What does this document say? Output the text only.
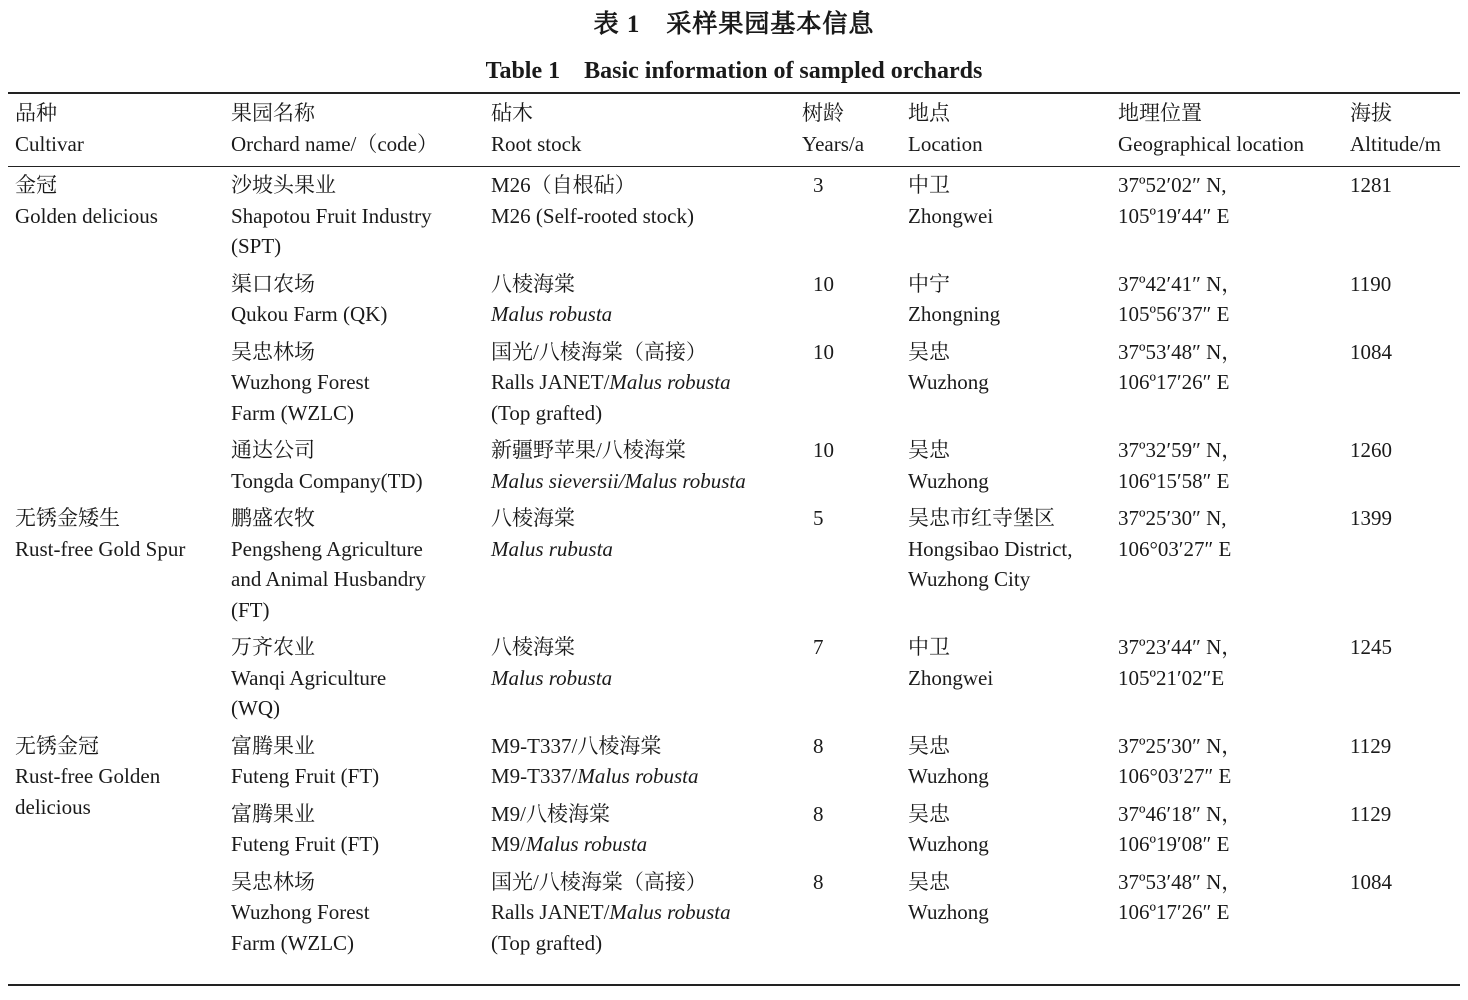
表 1　采样果园基本信息
Table 1　Basic information of sampled orchards
品种
Cultivar	果园名称
Orchard name/（code）	砧木
Root stock	树龄
Years/a	地点
Location	地理位置
Geographical location	海拔
Altitude/m

金冠
Golden delicious	沙坡头果业
Shapotou Fruit Industry
(SPT)	M26（自根砧）
M26 (Self-rooted stock)	3	中卫
Zhongwei	37º52′02″ N,
105º19′44″ E	1281

	渠口农场
Qukou Farm (QK)	八棱海棠
Malus robusta	10	中宁
Zhongning	37º42′41″ N，
105º56′37″ E	1190

	吴忠林场
Wuzhong Forest
Farm (WZLC)	国光/八棱海棠（高接）
Ralls JANET/Malus robusta
(Top grafted)	10	吴忠
Wuzhong	37º53′48″ N，
106º17′26″ E	1084

	通达公司
Tongda Company(TD)	新疆野苹果/八棱海棠
Malus sieversii/Malus robusta	10	吴忠
Wuzhong	37º32′59″ N，
106º15′58″ E	1260

无锈金矮生
Rust-free Gold Spur	鹏盛农牧
Pengsheng Agriculture
and Animal Husbandry
(FT)	八棱海棠
Malus rubusta	5	吴忠市红寺堡区
Hongsibao District,
Wuzhong City	37º25′30″ N,
106°03′27″ E	1399

	万齐农业
Wanqi Agriculture
(WQ)	八棱海棠
Malus robusta	7	中卫
Zhongwei	37º23′44″ N，
105º21′02″E	1245

无锈金冠
Rust-free Golden
delicious	富腾果业
Futeng Fruit (FT)	M9-T337/八棱海棠
M9-T337/Malus robusta	8	吴忠
Wuzhong	37º25′30″ N，
106°03′27″ E	1129

	富腾果业
Futeng Fruit (FT)	M9/八棱海棠
M9/Malus robusta	8	吴忠
Wuzhong	37º46′18″ N，
106º19′08″ E	1129

	吴忠林场
Wuzhong Forest
Farm (WZLC)	国光/八棱海棠（高接）
Ralls JANET/Malus robusta
(Top grafted)	8	吴忠
Wuzhong	37º53′48″ N，
106º17′26″ E	1084
